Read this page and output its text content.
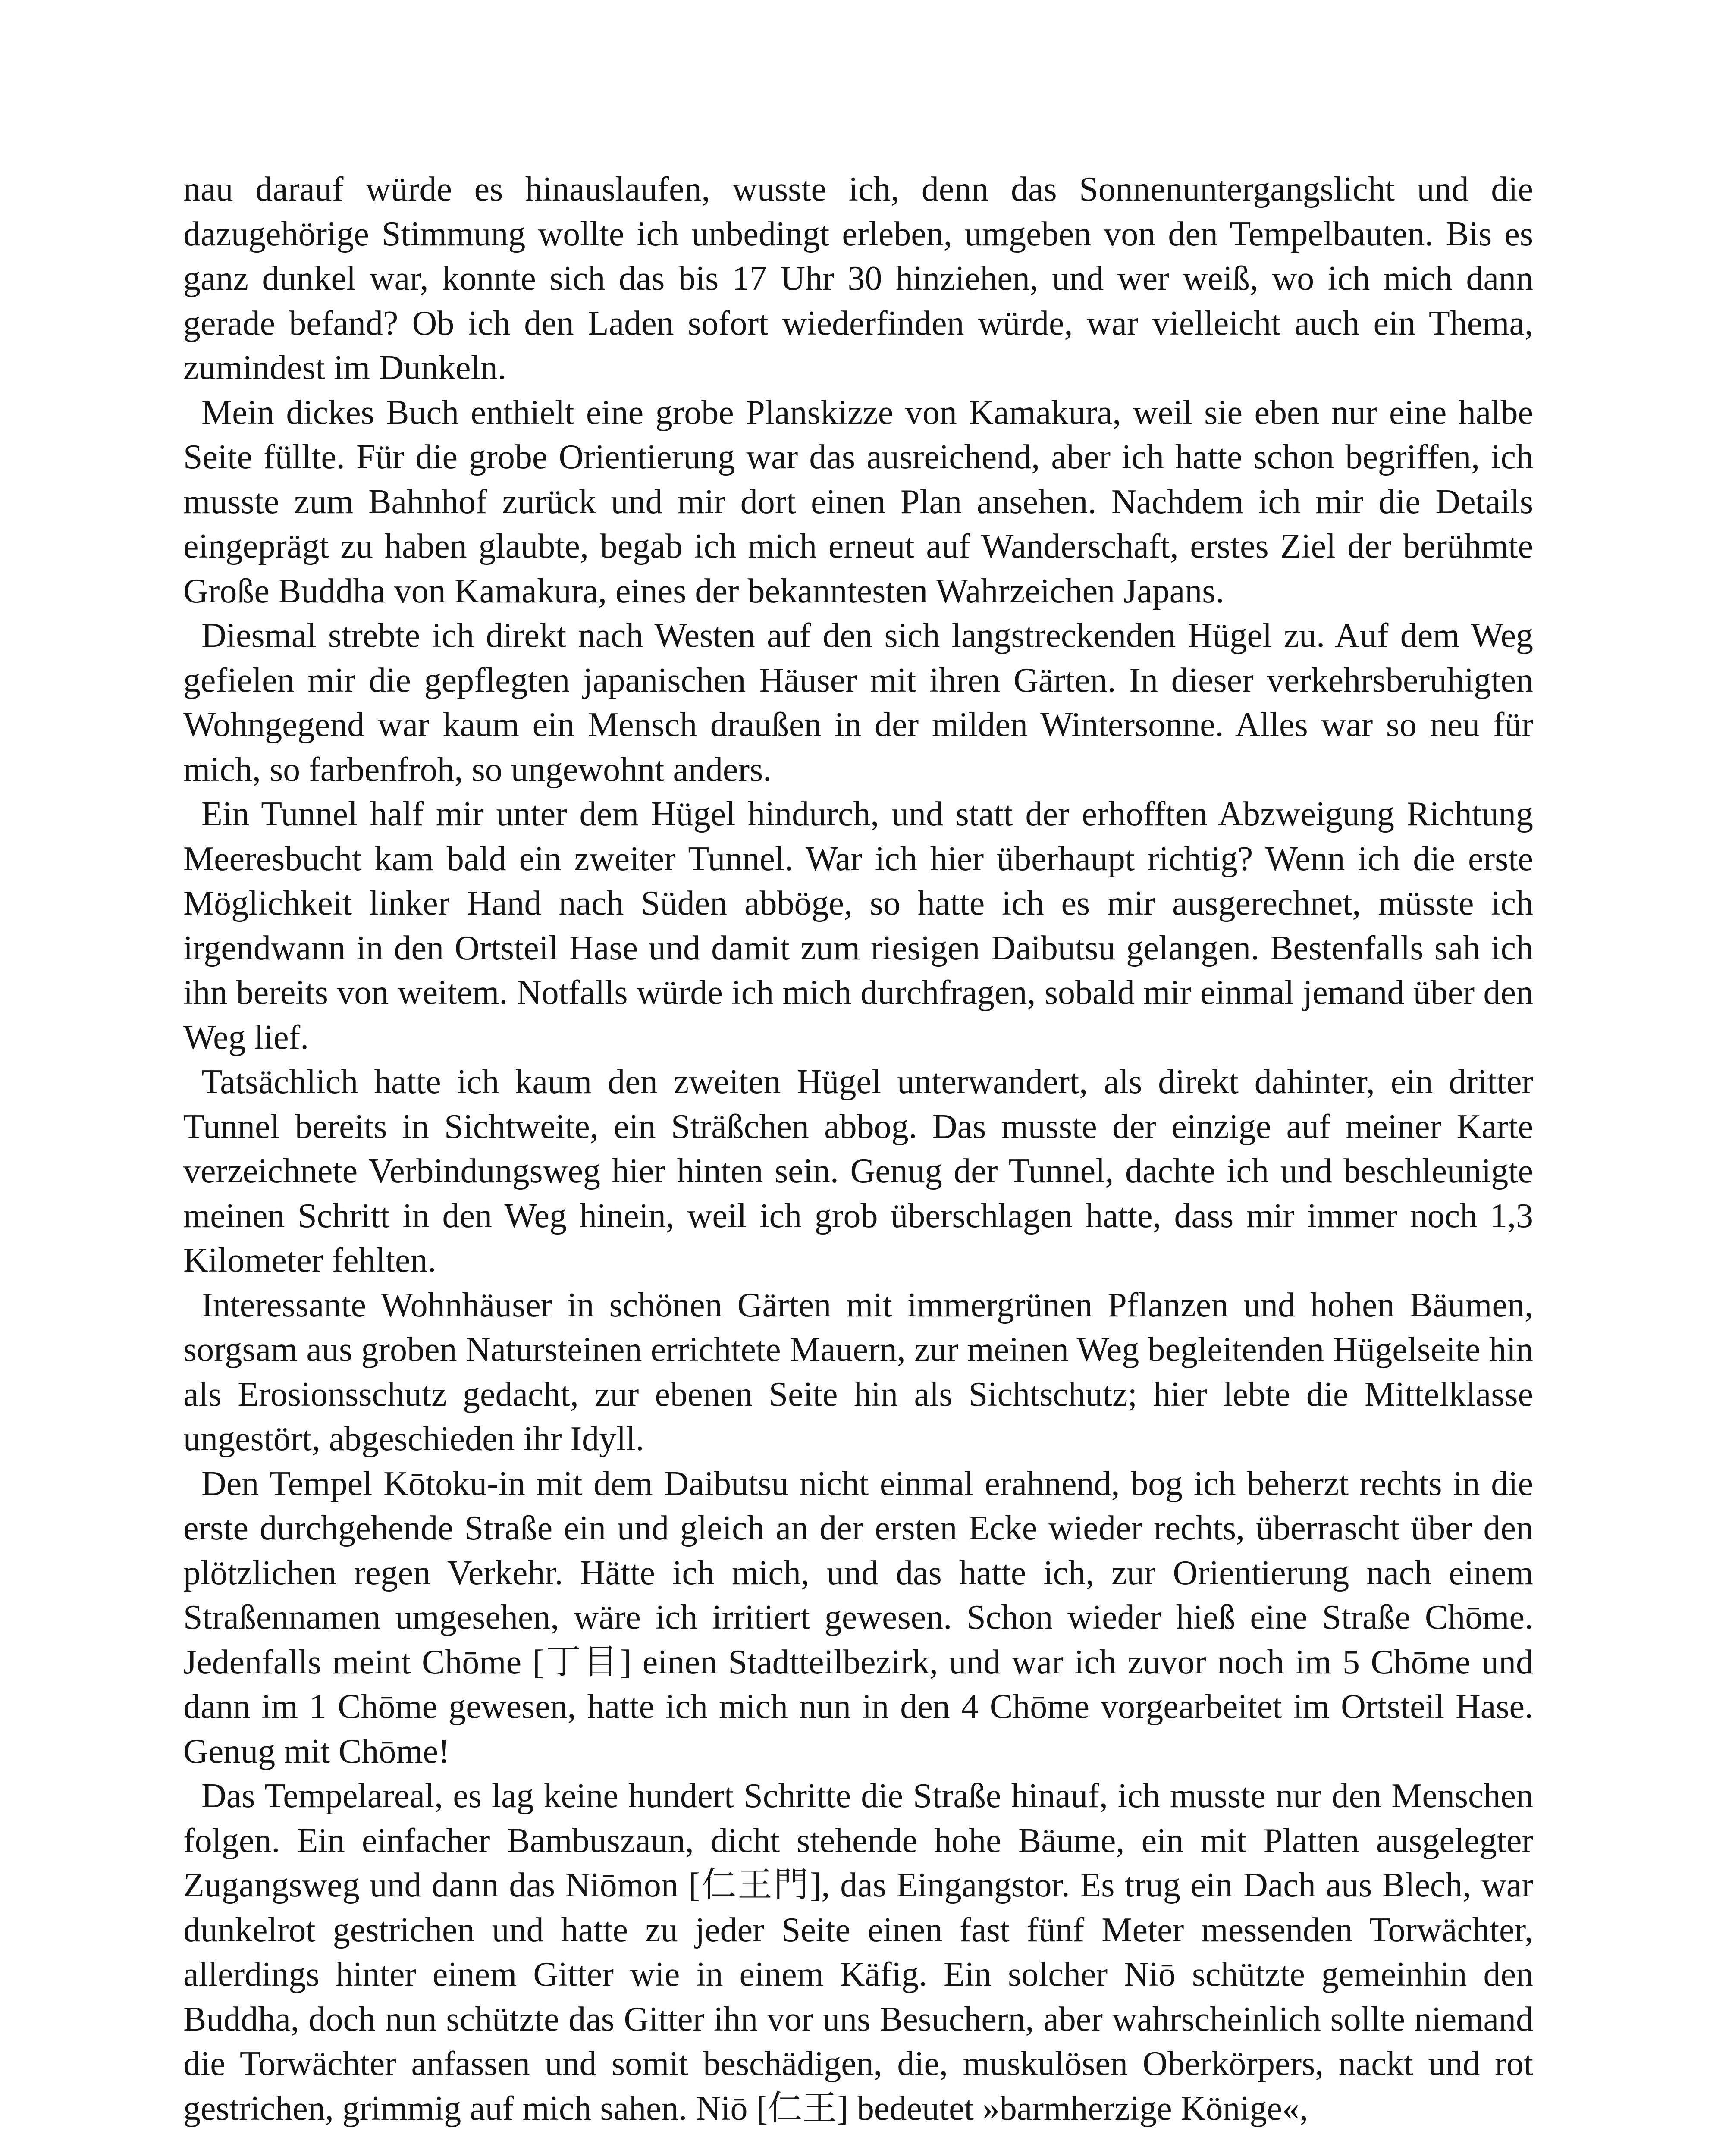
nau darauf würde es hinauslaufen, wusste ich, denn das Sonnenuntergangslicht und die dazugehörige Stimmung wollte ich unbedingt erleben, umgeben von den Tempelbauten. Bis es ganz dunkel war, konnte sich das bis 17 Uhr 30 hinziehen, und wer weiß, wo ich mich dann gerade befand? Ob ich den Laden sofort wiederfinden würde, war vielleicht auch ein Thema, zumindest im Dunkeln.

Mein dickes Buch enthielt eine grobe Planskizze von Kamakura, weil sie eben nur eine halbe Seite füllte. Für die grobe Orientierung war das ausreichend, aber ich hatte schon begriffen, ich musste zum Bahnhof zurück und mir dort einen Plan ansehen. Nachdem ich mir die Details eingeprägt zu haben glaubte, begab ich mich erneut auf Wanderschaft, erstes Ziel der berühmte Große Buddha von Kamakura, eines der bekanntesten Wahrzeichen Japans.

Diesmal strebte ich direkt nach Westen auf den sich langstreckenden Hügel zu. Auf dem Weg gefielen mir die gepflegten japanischen Häuser mit ihren Gärten. In dieser verkehrsberuhigten Wohngegend war kaum ein Mensch draußen in der milden Wintersonne. Alles war so neu für mich, so farbenfroh, so ungewohnt anders.

Ein Tunnel half mir unter dem Hügel hindurch, und statt der erhofften Abzweigung Richtung Meeresbucht kam bald ein zweiter Tunnel. War ich hier überhaupt richtig? Wenn ich die erste Möglichkeit linker Hand nach Süden abböge, so hatte ich es mir ausgerechnet, müsste ich irgendwann in den Ortsteil Hase und damit zum riesigen Daibutsu gelangen. Bestenfalls sah ich ihn bereits von weitem. Notfalls würde ich mich durchfragen, sobald mir einmal jemand über den Weg lief.

Tatsächlich hatte ich kaum den zweiten Hügel unterwandert, als direkt dahinter, ein dritter Tunnel bereits in Sichtweite, ein Sträßchen abbog. Das musste der einzige auf meiner Karte verzeichnete Verbindungsweg hier hinten sein. Genug der Tunnel, dachte ich und beschleunigte meinen Schritt in den Weg hinein, weil ich grob überschlagen hatte, dass mir immer noch 1,3 Kilometer fehlten.

Interessante Wohnhäuser in schönen Gärten mit immergrünen Pflanzen und hohen Bäumen, sorgsam aus groben Natursteinen errichtete Mauern, zur meinen Weg begleitenden Hügelseite hin als Erosionsschutz gedacht, zur ebenen Seite hin als Sichtschutz; hier lebte die Mittelklasse ungestört, abgeschieden ihr Idyll.

Den Tempel Kōtoku-in mit dem Daibutsu nicht einmal erahnend, bog ich beherzt rechts in die erste durchgehende Straße ein und gleich an der ersten Ecke wieder rechts, überrascht über den plötzlichen regen Verkehr. Hätte ich mich, und das hatte ich, zur Orientierung nach einem Straßennamen umgesehen, wäre ich irritiert gewesen. Schon wieder hieß eine Straße Chōme. Jedenfalls meint Chōme [丁目] einen Stadtteilbezirk, und war ich zuvor noch im 5 Chōme und dann im 1 Chōme gewesen, hatte ich mich nun in den 4 Chōme vorgearbeitet im Ortsteil Hase. Genug mit Chōme!

Das Tempelareal, es lag keine hundert Schritte die Straße hinauf, ich musste nur den Menschen folgen. Ein einfacher Bambuszaun, dicht stehende hohe Bäume, ein mit Platten ausgelegter Zugangsweg und dann das Niōmon [仁王門], das Eingangstor. Es trug ein Dach aus Blech, war dunkelrot gestrichen und hatte zu jeder Seite einen fast fünf Meter messenden Torwächter, allerdings hinter einem Gitter wie in einem Käfig. Ein solcher Niō schützte gemeinhin den Buddha, doch nun schützte das Gitter ihn vor uns Besuchern, aber wahrscheinlich sollte niemand die Torwächter anfassen und somit beschädigen, die, muskulösen Oberkörpers, nackt und rot gestrichen, grimmig auf mich sahen. Niō [仁王] bedeutet »barmherzige Könige«,
